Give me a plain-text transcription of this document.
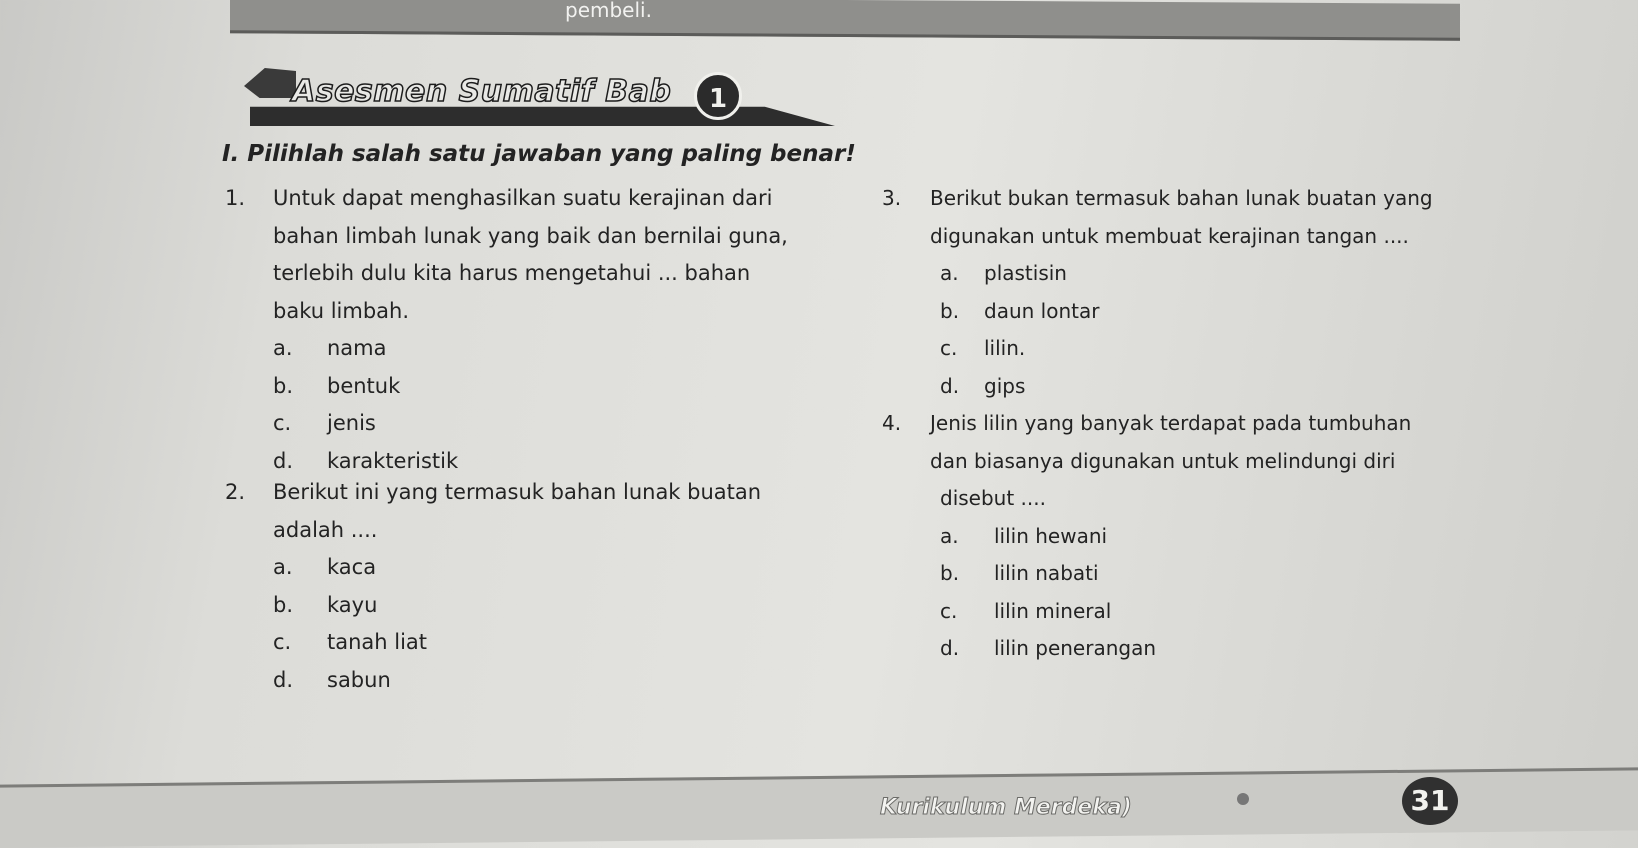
pembeli.
Asesmen Sumatif Bab	1
I. Pilihlah salah satu jawaban yang paling benar!
1. Untuk dapat menghasilkan suatu kerajinan dari
bahan limbah lunak yang baik dan bernilai guna,
terlebih dulu kita harus mengetahui ... bahan
baku limbah.
a. nama
b. bentuk
c. jenis
d. karakteristik
2. Berikut ini yang termasuk bahan lunak buatan
adalah ....
a. kaca
b. kayu
c. tanah liat
d. sabun
3. Berikut bukan termasuk bahan lunak buatan yang
digunakan untuk membuat kerajinan tangan ....
a. plastisin
b. daun lontar
c. lilin.
d. gips
4. Jenis lilin yang banyak terdapat pada tumbuhan
dan biasanya digunakan untuk melindungi diri
disebut ....
a. lilin hewani
b. lilin nabati
c. lilin mineral
d. lilin penerangan
Kurikulum Merdeka)	31
